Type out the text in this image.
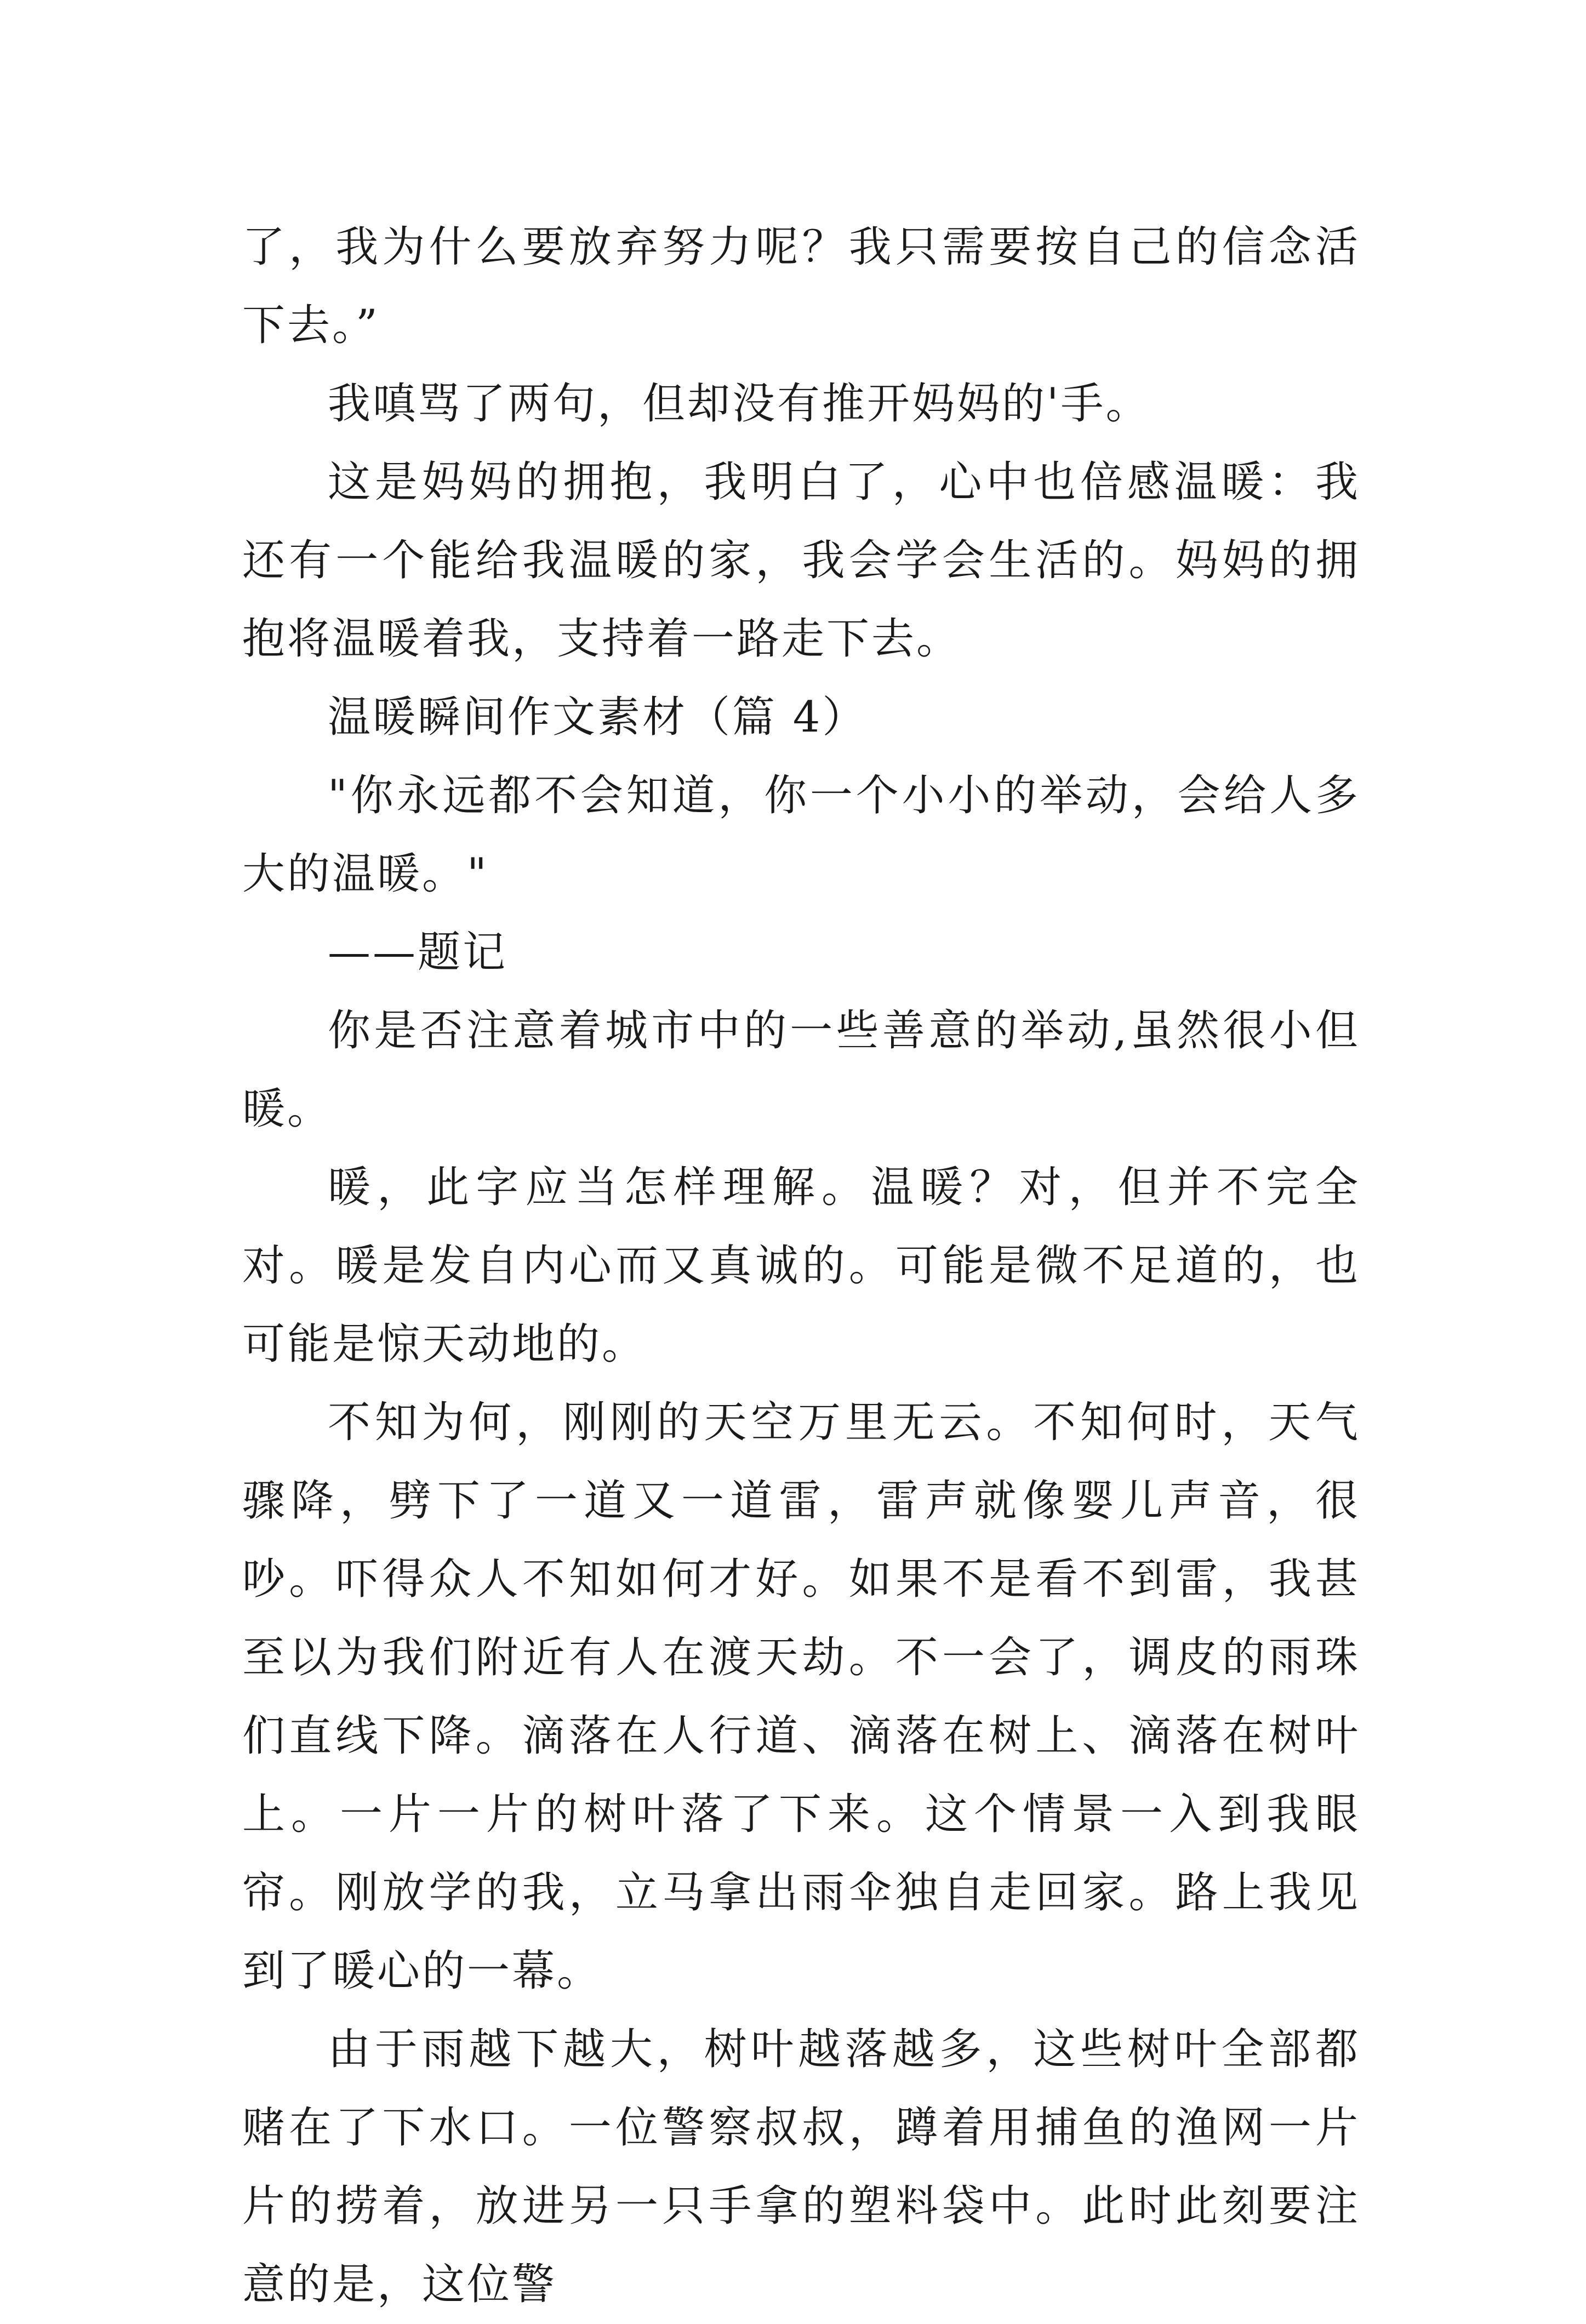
了，我为什么要放弃努力呢？我只需要按自己的信念活下去。”

我嗔骂了两句，但却没有推开妈妈的'手。

这是妈妈的拥抱，我明白了，心中也倍感温暖：我还有一个能给我温暖的家，我会学会生活的。妈妈的拥抱将温暖着我，支持着一路走下去。

温暖瞬间作文素材（篇 4）

"你永远都不会知道，你一个小小的举动，会给人多大的温暖。"

——题记

你是否注意着城市中的一些善意的举动,虽然很小但暖。

暖，此字应当怎样理解。温暖？对，但并不完全对。暖是发自内心而又真诚的。可能是微不足道的，也可能是惊天动地的。

不知为何，刚刚的天空万里无云。不知何时，天气骤降，劈下了一道又一道雷，雷声就像婴儿声音，很吵。吓得众人不知如何才好。如果不是看不到雷，我甚至以为我们附近有人在渡天劫。不一会了，调皮的雨珠们直线下降。滴落在人行道、滴落在树上、滴落在树叶上。一片一片的树叶落了下来。这个情景一入到我眼帘。刚放学的我，立马拿出雨伞独自走回家。路上我见到了暖心的一幕。

由于雨越下越大，树叶越落越多，这些树叶全部都赌在了下水口。一位警察叔叔，蹲着用捕鱼的渔网一片片的捞着，放进另一只手拿的塑料袋中。此时此刻要注意的是，这位警
